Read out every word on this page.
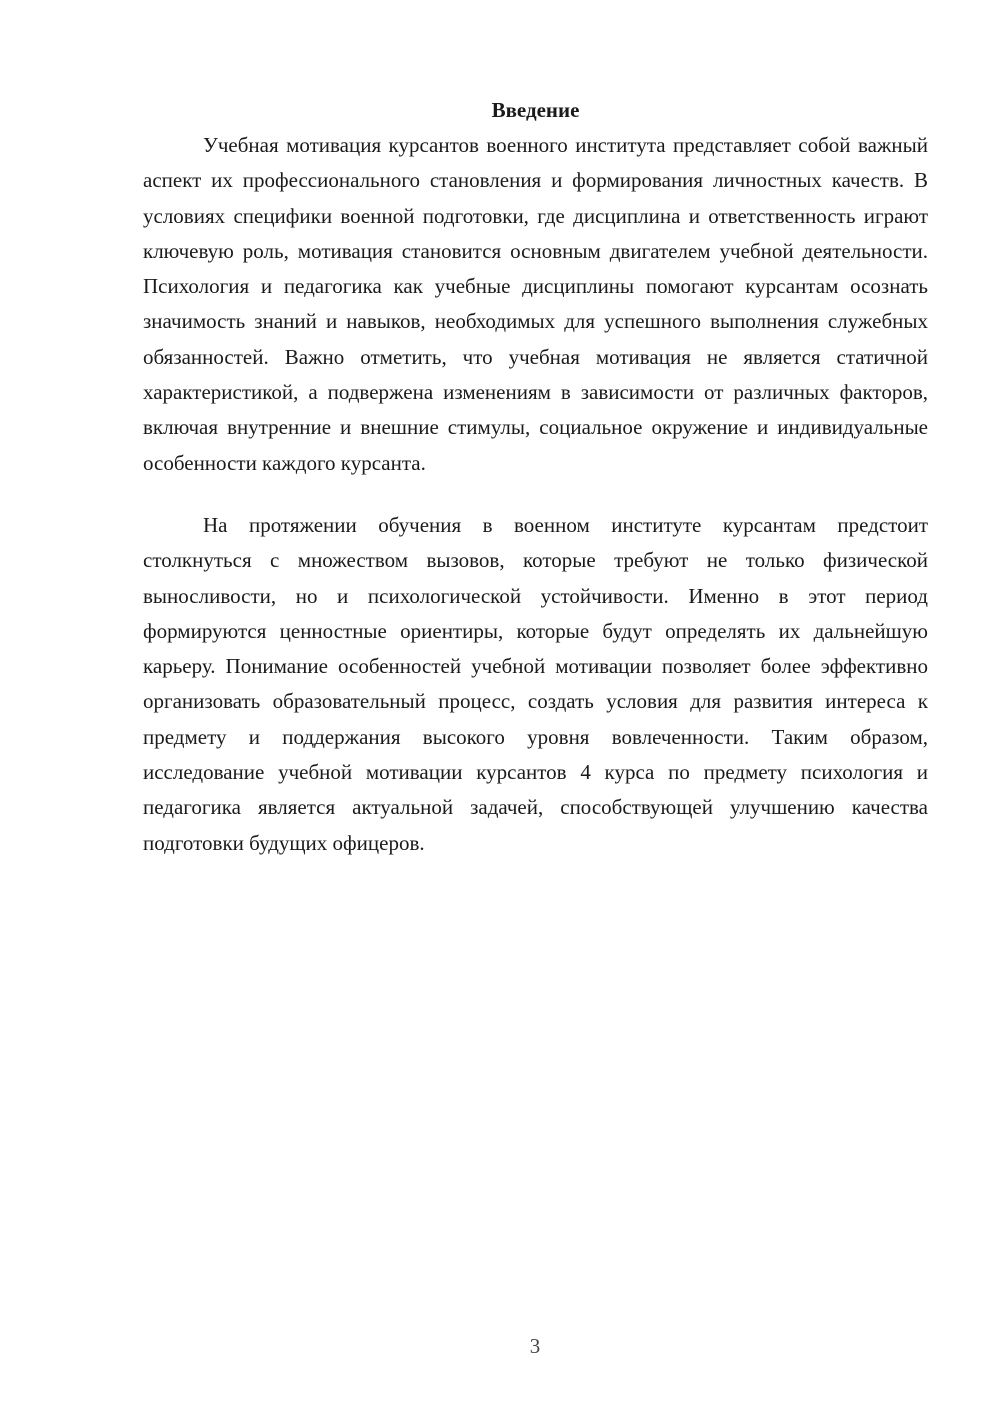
Введение

Учебная мотивация курсантов военного института представляет собой важный аспект их профессионального становления и формирования личностных качеств. В условиях специфики военной подготовки, где дисциплина и ответственность играют ключевую роль, мотивация становится основным двигателем учебной деятельности. Психология и педагогика как учебные дисциплины помогают курсантам осознать значимость знаний и навыков, необходимых для успешного выполнения служебных обязанностей. Важно отметить, что учебная мотивация не является статичной характеристикой, а подвержена изменениям в зависимости от различных факторов, включая внутренние и внешние стимулы, социальное окружение и индивидуальные особенности каждого курсанта.

На протяжении обучения в военном институте курсантам предстоит столкнуться с множеством вызовов, которые требуют не только физической выносливости, но и психологической устойчивости. Именно в этот период формируются ценностные ориентиры, которые будут определять их дальнейшую карьеру. Понимание особенностей учебной мотивации позволяет более эффективно организовать образовательный процесс, создать условия для развития интереса к предмету и поддержания высокого уровня вовлеченности. Таким образом, исследование учебной мотивации курсантов 4 курса по предмету психология и педагогика является актуальной задачей, способствующей улучшению качества подготовки будущих офицеров.

3
